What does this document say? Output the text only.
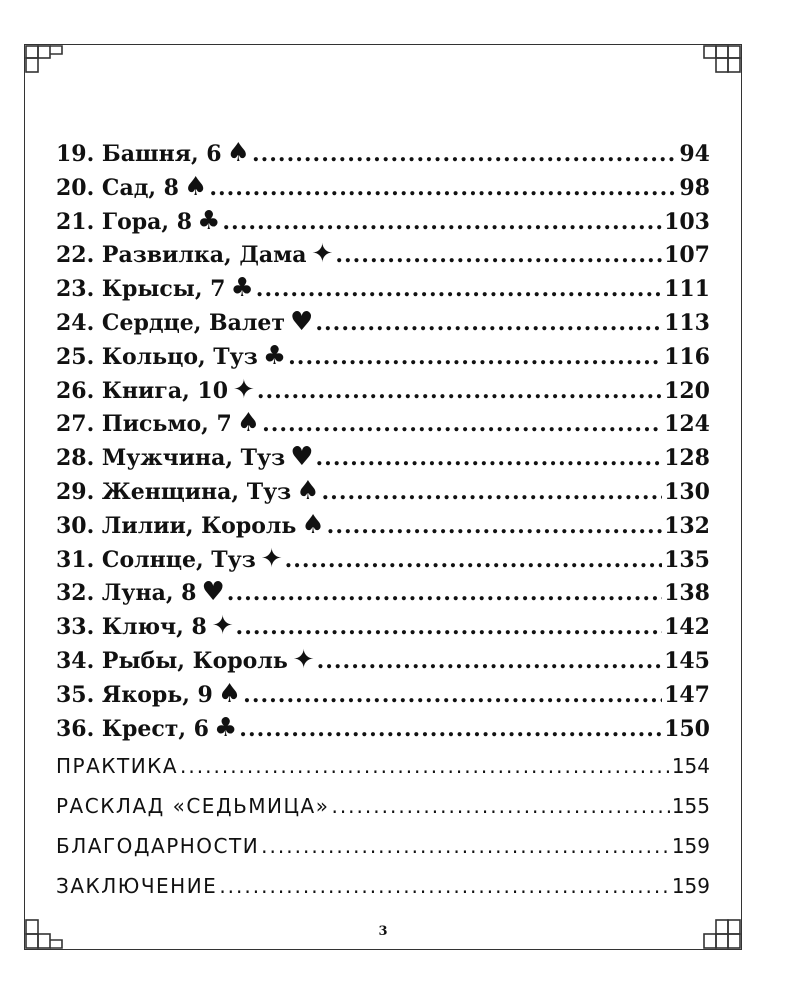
19. Башня, 6 ♠ .....	94
20. Сад, 8 ♠ .....	98
21. Гора, 8 ♣ .....	103
22. Развилка, Дама ✦ .....	107
23. Крысы, 7 ♣ .....	111
24. Сердце, Валет ♥ .....	113
25. Кольцо, Туз ♣ .....	116
26. Книга, 10 ✦ .....	120
27. Письмо, 7 ♠ .....	124
28. Мужчина, Туз ♥ .....	128
29. Женщина, Туз ♠ .....	130
30. Лилии, Король ♠ .....	132
31. Солнце, Туз ✦ .....	135
32. Луна, 8 ♥ .....	138
33. Ключ, 8 ✦ .....	142
34. Рыбы, Король ✦ .....	145
35. Якорь, 9 ♠ .....	147
36. Крест, 6 ♣ .....	150
ПРАКТИКА .....	154
РАСКЛАД «СЕДЬМИЦА» .....	155
БЛАГОДАРНОСТИ .....	159
ЗАКЛЮЧЕНИЕ .....	159
3
